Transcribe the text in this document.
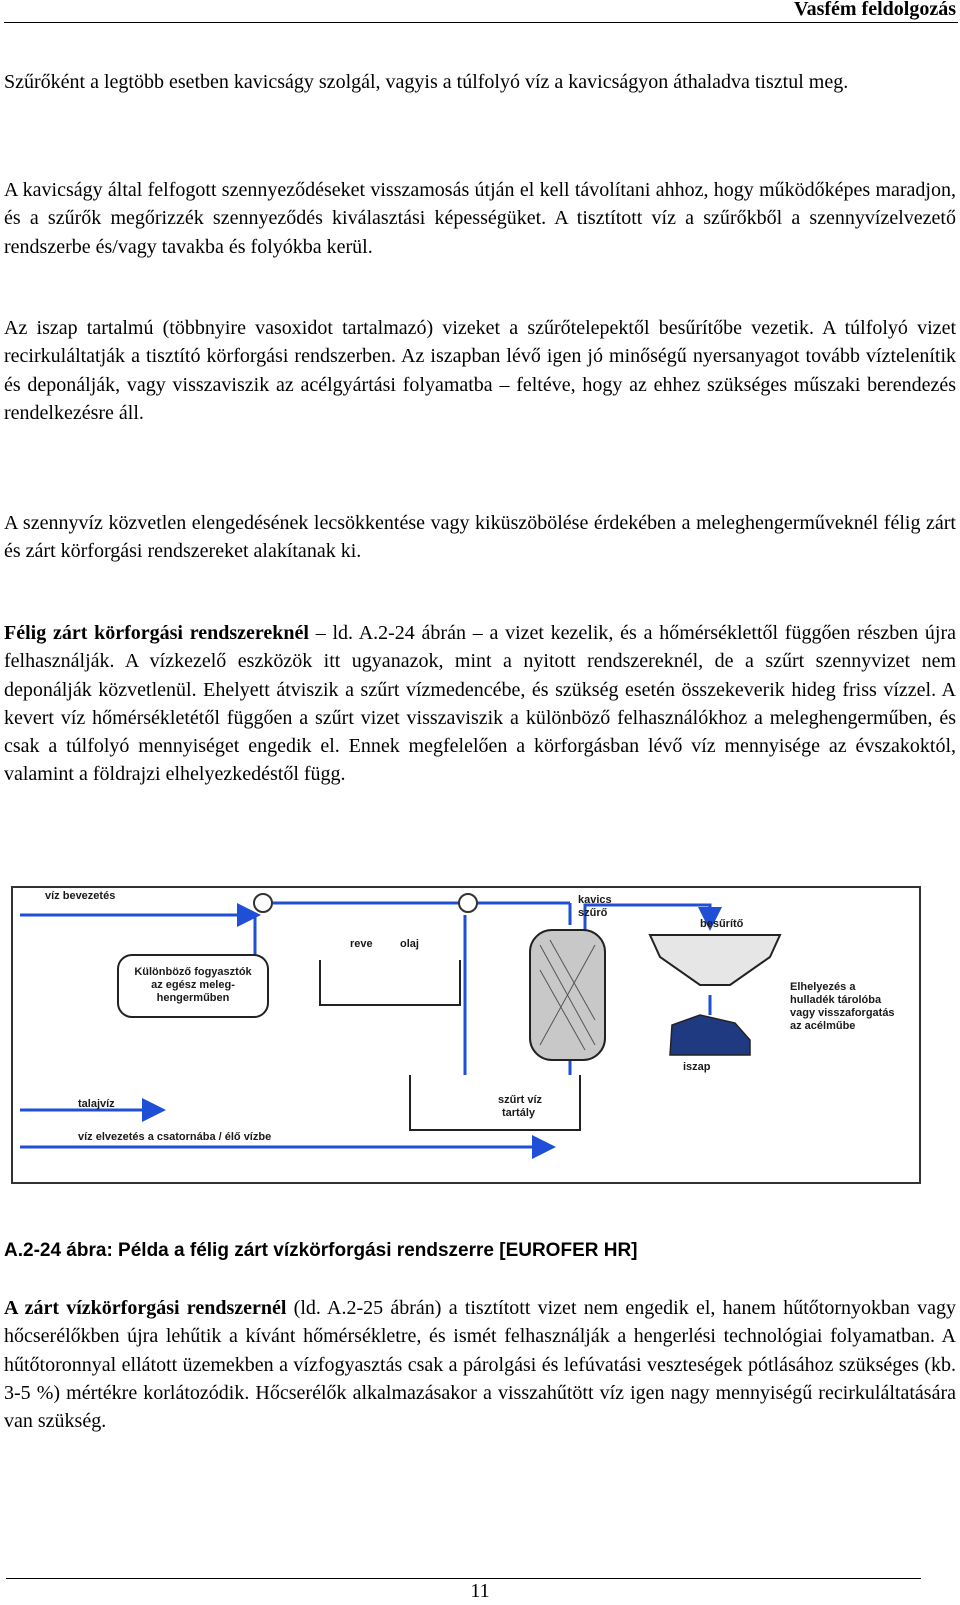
Vasfém feldolgozás

Szűrőként a legtöbb esetben kavicságy szolgál, vagyis a túlfolyó víz a kavicságyon áthaladva tisztul meg.

A kavicságy által felfogott szennyeződéseket visszamosás útján el kell távolítani ahhoz, hogy működőképes maradjon, és a szűrők megőrizzék szennyeződés kiválasztási képességüket. A tisztított víz a szűrőkből a szennyvízelvezető rendszerbe és/vagy tavakba és folyókba kerül.

Az iszap tartalmú (többnyire vasoxidot tartalmazó) vizeket a szűrőtelepektől besűrítőbe vezetik. A túlfolyó vizet recirkuláltatják a tisztító körforgási rendszerben. Az iszapban lévő igen jó minőségű nyersanyagot tovább víztelenítik és deponálják, vagy visszaviszik az acélgyártási folyamatba – feltéve, hogy az ehhez szükséges műszaki berendezés rendelkezésre áll.

A szennyvíz közvetlen elengedésének lecsökkentése vagy kiküszöbölése érdekében a meleghengerműveknél félig zárt és zárt körforgási rendszereket alakítanak ki.

Félig zárt körforgási rendszereknél – ld. A.2-24 ábrán – a vizet kezelik, és a hőmérséklettől függően részben újra felhasználják. A vízkezelő eszközök itt ugyanazok, mint a nyitott rendszereknél, de a szűrt szennyvizet nem deponálják közvetlenül. Ehelyett átviszik a szűrt vízmedencébe, és szükség esetén összekeverik hideg friss vízzel. A kevert víz hőmérsékletétől függően a szűrt vizet visszaviszik a különböző felhasználókhoz a meleghengerműben, és csak a túlfolyó mennyiséget engedik el. Ennek megfelelően a körforgásban lévő víz mennyisége az évszakoktól, valamint a földrajzi elhelyezkedéstől függ.

víz bevezetés
Különböző fogyasztók
az egész meleg-
hengerműben
reve olaj
kavics
szűrő
besűrítő
Elhelyezés a
hulladék tárolóba
vagy visszaforgatás
az acélműbe
iszap
talajvíz	szűrt víz
tartály
víz elvezetés a csatornába / élő vízbe
A.2-24 ábra: Példa a félig zárt vízkörforgási rendszerre [EUROFER HR]

A zárt vízkörforgási rendszernél (ld. A.2-25 ábrán) a tisztított vizet nem engedik el, hanem hűtőtornyokban vagy hőcserélőkben újra lehűtik a kívánt hőmérsékletre, és ismét felhasználják a hengerlési technológiai folyamatban. A hűtőtoronnyal ellátott üzemekben a vízfogyasztás csak a párolgási és lefúvatási veszteségek pótlásához szükséges (kb. 3-5 %) mértékre korlátozódik. Hőcserélők alkalmazásakor a visszahűtött víz igen nagy mennyiségű recirkuláltatására van szükség.

11
